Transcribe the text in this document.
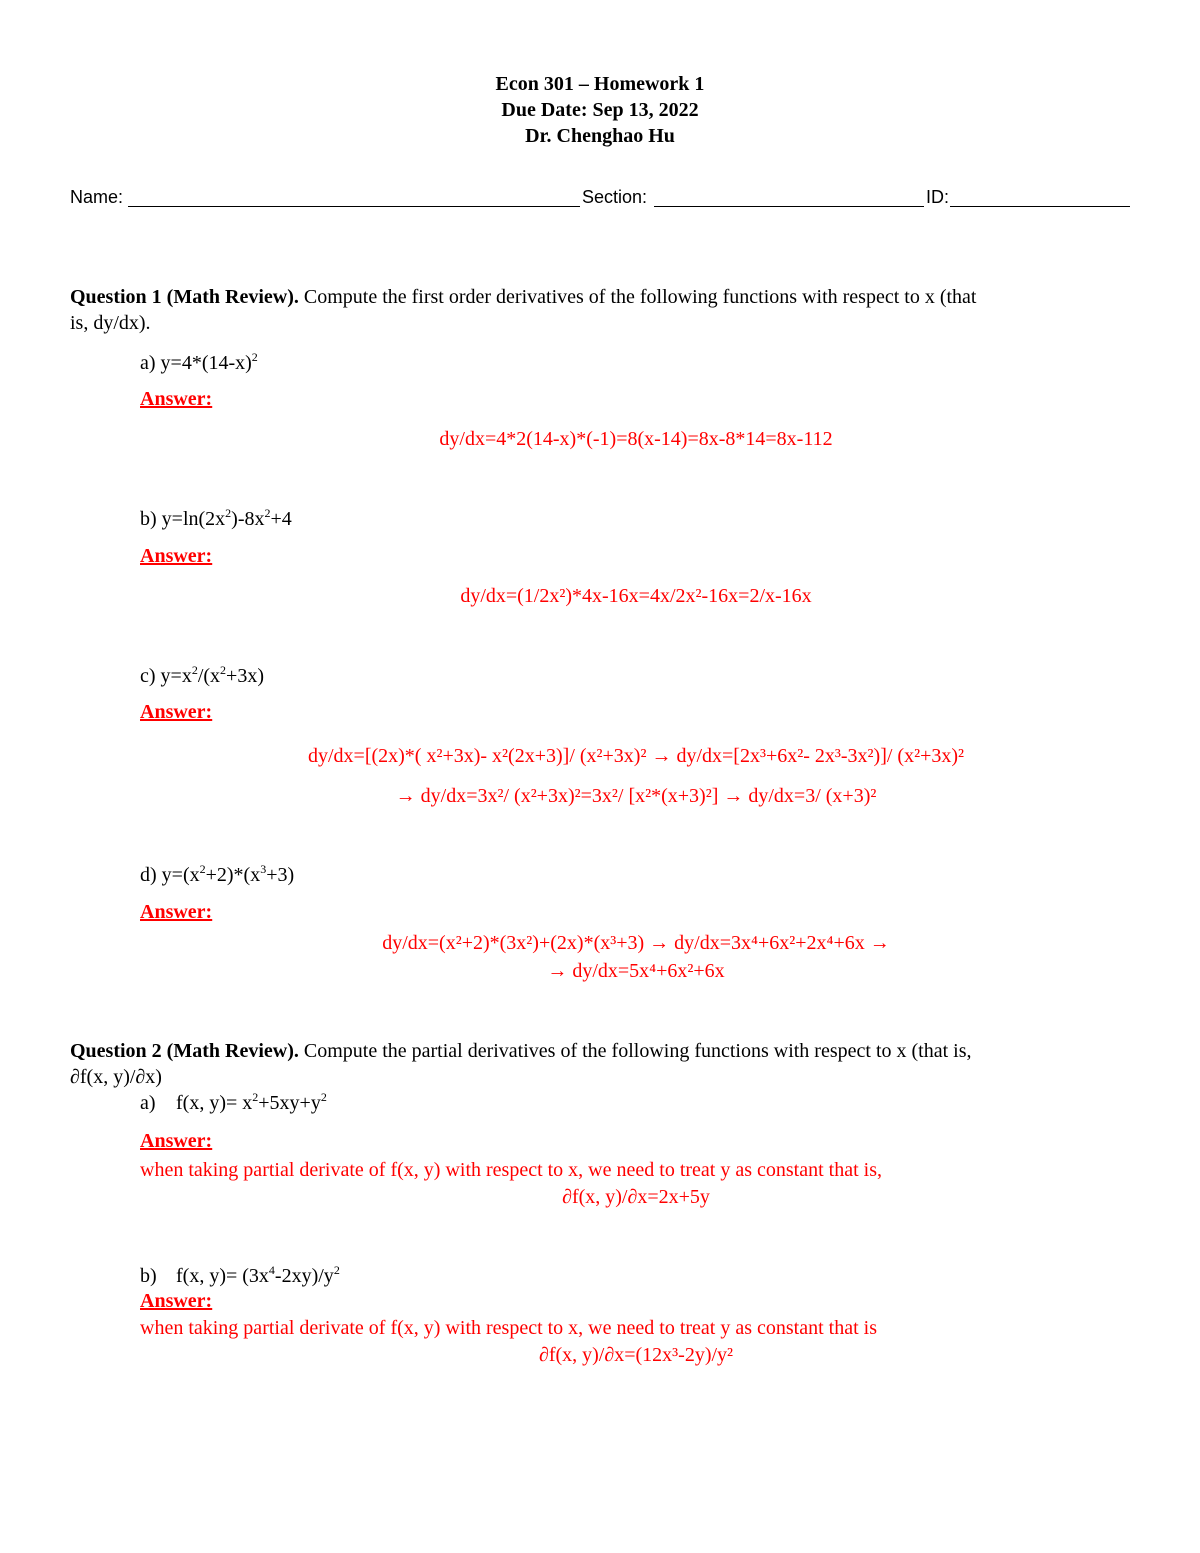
Econ 301 – Homework 1
Due Date: Sep 13, 2022
Dr. Chenghao Hu
Name:	Section:	ID:
Question 1 (Math Review). Compute the first order derivatives of the following functions with respect to x (that
is, dy/dx).
a) $y=4*(14-x)^2$
Answer:
dy/dx=4*2(14-x)*(-1)=8(x-14)=8x-8*14=8x-112
b) $y=\ln(2x^2)-8x^2+4$
Answer:
dy/dx=(1/2x²)*4x-16x=4x/2x²-16x=2/x-16x
c) $y=x^2/(x^2+3x)$
Answer:
dy/dx=[(2x)*( x²+3x)- x²(2x+3)]/ (x²+3x)² → dy/dx=[2x³+6x²- 2x³-3x²)]/ (x²+3x)²
→ dy/dx=3x²/ (x²+3x)²=3x²/ [x²*(x+3)²] → dy/dx=3/ (x+3)²
d) $y=(x^2+2)*(x^3+3)$
Answer:
dy/dx=(x²+2)*(3x²)+(2x)*(x³+3) → dy/dx=3x⁴+6x²+2x⁴+6x →
→ dy/dx=5x⁴+6x²+6x
Question 2 (Math Review). Compute the partial derivatives of the following functions with respect to x (that is,
∂f(x, y)/∂x)
a) f(x, $y)= x^2+5xy+y^2$
Answer:
when taking partial derivate of f(x, y) with respect to x, we need to treat y as constant that is,
∂f(x, y)/∂x=2x+5y
b) f(x, $y)= (3x^4-2xy)/y^2$
Answer:
when taking partial derivate of f(x, y) with respect to x, we need to treat y as constant that is
∂f(x, y)/∂x=(12x³-2y)/y²
